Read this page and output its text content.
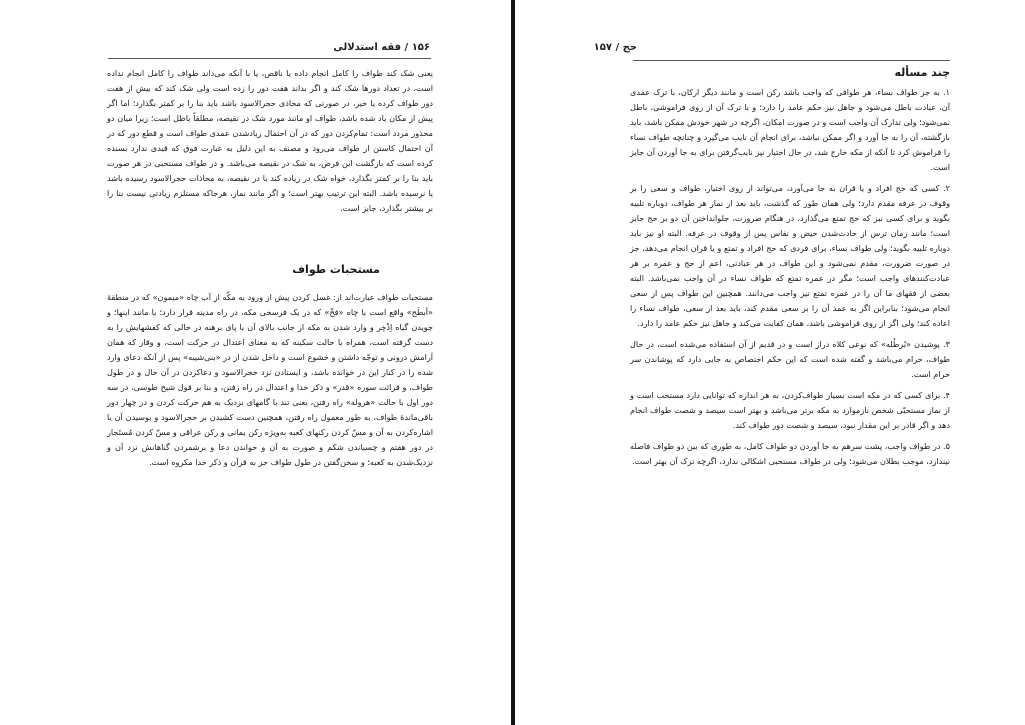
۱۵۶ / فقه استدلالی

یعنی شک کند طواف را کامل انجام داده یا ناقص، یا با آنکه می‌داند طواف را کامل انجام نداده است، در تعداد دورها شک کند و اگر بداند هفت دور را زده است ولی شک کند که بیش از هفت دور طواف کرده یا خیر، در صورتی که محاذی حجرالاسود باشد باید بنا را بر کمتر بگذارد؛ اما اگر پیش از مکان یاد شده باشد، طواف او مانند مورد شک در نقیصه، مطلقاً باطل است؛ زیرا میان دو محذور مردد است: تمام‌کردن دور که در آن احتمال زیادشدن عمدی طواف است و قطع دور که در آن احتمال کاستن از طواف می‌رود و مصنف به این دلیل به عبارت فوق که قیدی ندارد بسنده کرده است که بازگشت این فرض، به شک در نقیصه می‌باشد. و در طواف مستحبی در هر صورت باید بنا را بر کمتر بگذارد، خواه شک در زیاده کند یا در نقیصه، به محاذات حجرالاسود رسیده باشد یا نرسیده باشد. البته این ترتیب بهتر است؛ و اگر مانند نماز، هرجاکه مستلزم زیادتی نیست بنا را بر بیشتر بگذارد، جایز است.

مستحبات طواف

مستحبات طواف عبارت‌اند از: غسل کردن پیش از ورود به مکّه از آب چاه «میمون» که در منطقهٔ «أبطَح» واقع است یا چاه «فخّ» که در یک فرسخی مکه، در راه مدینه قرار دارد؛ یا مانند اینها؛ و جویدن گیاه اِذْخِر و وارد شدن به مکه از جانب بالای آن با پای برهنه در حالی که کفشهایش را به دست گرفته است، همراه با حالت سکینه که به معنای اعتدال در حرکت است، و وقار که همان آرامش درونی و توجّه داشتن و خشوع است و داخل شدن از در «بنی‌شیبه» پس از آنکه دعای وارد شده را در کنار این در خوانده باشد، و ایستادن نزد حجرالاسود و دعاکردن در آن حال و در طول طواف، و قرائت سوره «قدر» و ذکر خدا و اعتدال در راه رفتن، و بنا بر قول شیخ طوسی، در سه دور اول با حالت «هروله» راه رفتن، یعنی تند با گامهای نزدیک به هم حرکت کردن و در چهار دور باقی‌ماندهٔ طواف، به طور معمول راه رفتن، همچنین دست کشیدن بر حجرالاسود و بوسیدن آن یا اشاره‌کردن به آن و مسّ کردن رکنهای کعبه به‌ویژه رکن یمانی و رکن عراقی و مسّ کردن مُستَجار در دور هفتم و چسباندن شکم و صورت به آن و خواندن دعا و برشمردن گناهانش نزد آن و نزدیک‌شدن به کعبه؛ و سخن‌گفتن در طول طواف جز به قرآن و ذکر خدا مکروه است.

حج / ۱۵۷
چند مسأله

۱. به جز طواف نساء، هر طوافی که واجب باشد رکن است و مانند دیگر ارکان، با ترک عمدی آن، عبادت باطل می‌شود و جاهل نیز حکم عامد را دارد؛ و با ترک آن از روی فراموشی، باطل نمی‌شود؛ ولی تدارک آن واجب است و در صورت امکان، اگرچه در شهر خودش ممکن باشد، باید بازگشته، آن را به جا آورد و اگر ممکن نباشد، برای انجام آن نایب می‌گیرد و چنانچه طواف نساء را فراموش کرد تا آنکه از مکه خارج شد، در حال اختیار نیز نایب‌گرفتن برای به جا آوردن آن جایز است.

۲. کسی که حج افراد و یا قران به جا می‌آورد، می‌تواند از روی اختیار، طواف و سعی را بر وقوف در عرفه مقدم دارد؛ ولی همان طور که گذشت، باید بعد از نماز هر طواف، دوباره تلبیه بگوید و برای کسی نیز که حج تمتع می‌گذارد، در هنگام ضرورت، جلوانداختن آن دو بر حج جایز است؛ مانند زمان ترس از حادث‌شدن حیض و نفاس پس از وقوف در عرفه. البته او نیز باید دوباره تلبیه بگوید؛ ولی طواف نساء، برای فردی که حج افراد و تمتع و یا قران انجام می‌دهد، جز در صورت ضرورت، مقدم نمی‌شود و این طواف در هر عبادتی، اعم از حج و عمره بر هر عبادت‌کنندهای واجب است؛ مگر در عمره تمتع که طواف نساء در آن واجب نمی‌باشد. البته بعضی از فقهای ما آن را در عمره تمتع نیز واجب می‌دانند. همچنین این طواف پس از سعی انجام می‌شود؛ بنابراین اگر به عمد آن را بر سعی مقدم کند، باید بعد از سعی، طواف نساء را اعاده کند؛ ولی اگر از روی فراموشی باشد، همان کفایت می‌کند و جاهل نیز حکم عامد را دارد.

۳. پوشیدن «بُرطُله» که نوعی کلاه دراز است و در قدیم از آن استفاده می‌شده است، در حال طواف، حرام می‌باشد و گفته شده است که این حکم اختصاص به جایی دارد که پوشاندن سر حرام است.

۴. برای کسی که در مکه است بسیار طواف‌کردن، به هر اندازه که توانایی دارد مستحب است و از نماز مستحبّی شخص نازموارد به مکه برتر می‌باشد و بهتر است سیصد و شصت طواف انجام دهد و اگر قادر بر این مقدار نبود، سیصد و شصت دور طواف کند.

۵. در طواف واجب، پشت سرهم به جا آوردن دو طواف کامل، به طوری که بین دو طواف فاصله نیندازد، موجب بطلان می‌شود؛ ولی در طواف مستحبی اشکالی ندارد، اگرچه ترک آن بهتر است.
